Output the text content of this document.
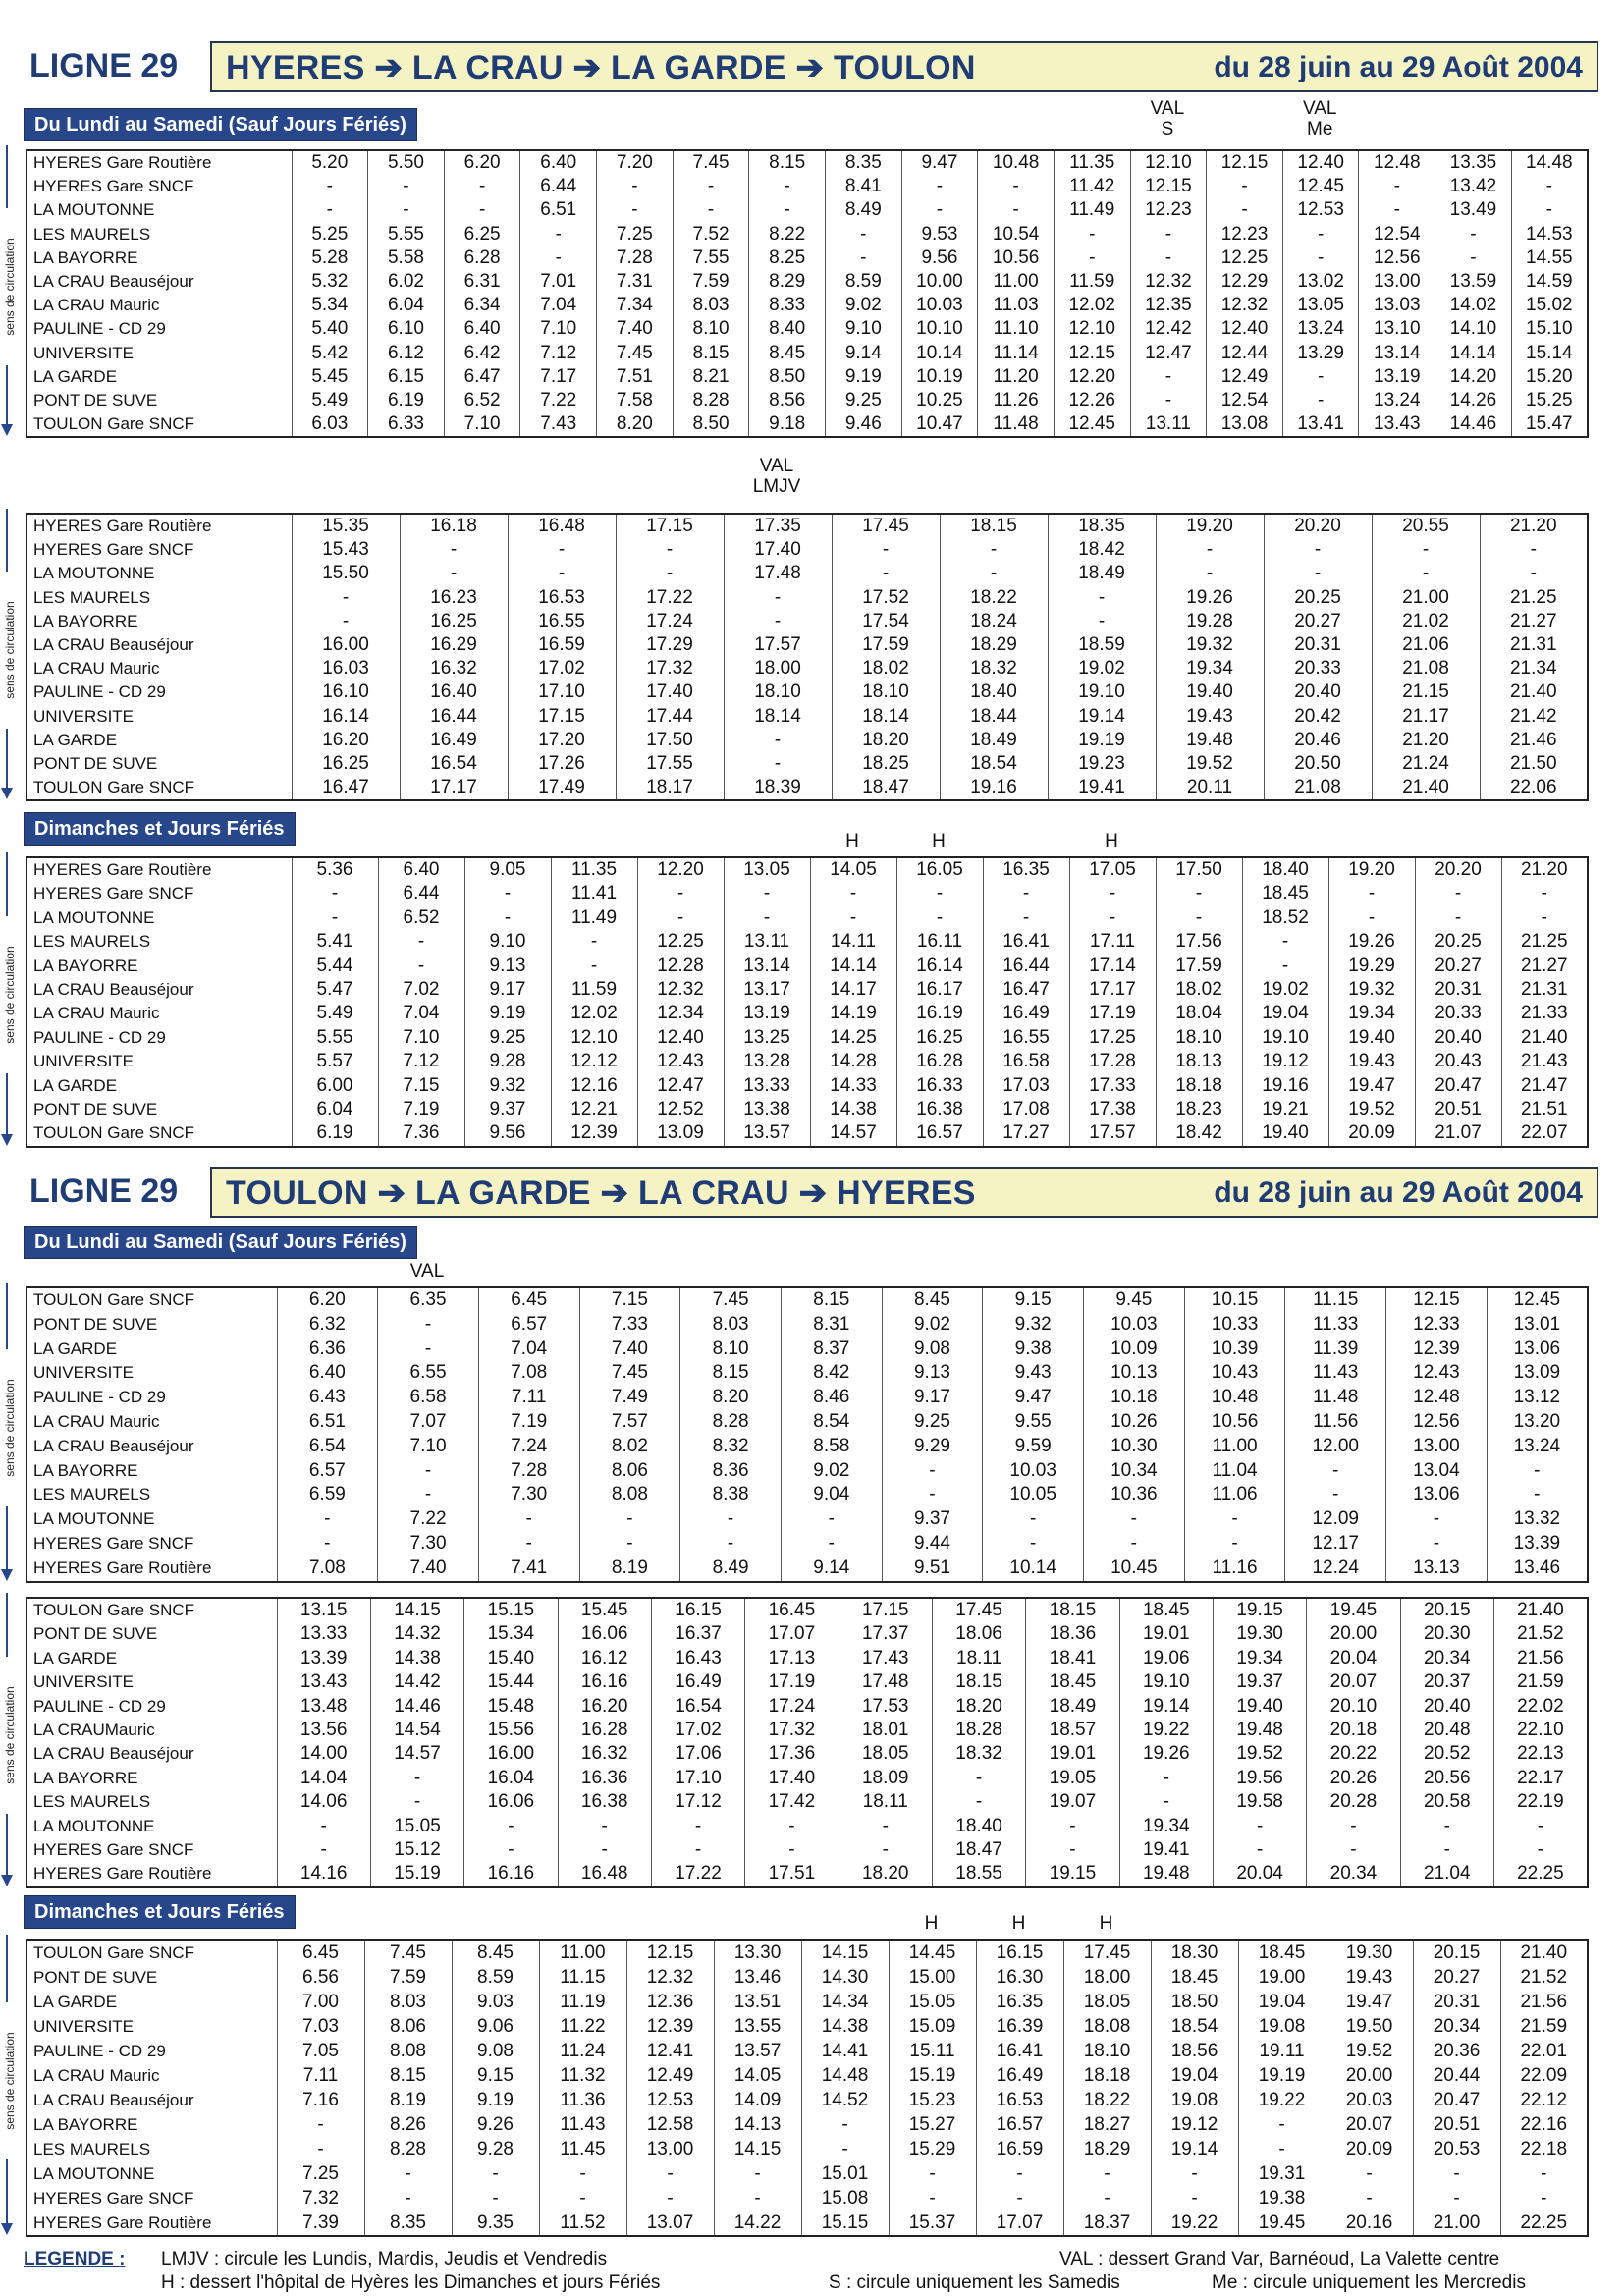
LIGNE 29 HYERES ➔ LA CRAU ➔ LA GARDE ➔ TOULON	du 28 juin au 29 Août 2004
Du Lundi au Samedi (Sauf Jours Fériés)
sens de circulation
VAL
S
VAL
Me
HYERES Gare Routière	5.20	5.50	6.20	6.40	7.20	7.45	8.15	8.35	9.47	10.48	11.35	12.10	12.15	12.40	12.48	13.35	14.48
HYERES Gare SNCF	-	-	-	6.44	-	-	-	8.41	-	-	11.42	12.15	-	12.45	-	13.42	-
LA MOUTONNE	-	-	-	6.51	-	-	-	8.49	-	-	11.49	12.23	-	12.53	-	13.49	-
LES MAURELS	5.25	5.55	6.25	-	7.25	7.52	8.22	-	9.53	10.54	-	-	12.23	-	12.54	-	14.53
LA BAYORRE	5.28	5.58	6.28	-	7.28	7.55	8.25	-	9.56	10.56	-	-	12.25	-	12.56	-	14.55
LA CRAU Beauséjour	5.32	6.02	6.31	7.01	7.31	7.59	8.29	8.59	10.00	11.00	11.59	12.32	12.29	13.02	13.00	13.59	14.59
LA CRAU Mauric	5.34	6.04	6.34	7.04	7.34	8.03	8.33	9.02	10.03	11.03	12.02	12.35	12.32	13.05	13.03	14.02	15.02
PAULINE - CD 29	5.40	6.10	6.40	7.10	7.40	8.10	8.40	9.10	10.10	11.10	12.10	12.42	12.40	13.24	13.10	14.10	15.10
UNIVERSITE	5.42	6.12	6.42	7.12	7.45	8.15	8.45	9.14	10.14	11.14	12.15	12.47	12.44	13.29	13.14	14.14	15.14
LA GARDE	5.45	6.15	6.47	7.17	7.51	8.21	8.50	9.19	10.19	11.20	12.20	-	12.49	-	13.19	14.20	15.20
PONT DE SUVE	5.49	6.19	6.52	7.22	7.58	8.28	8.56	9.25	10.25	11.26	12.26	-	12.54	-	13.24	14.26	15.25
TOULON Gare SNCF	6.03	6.33	7.10	7.43	8.20	8.50	9.18	9.46	10.47	11.48	12.45	13.11	13.08	13.41	13.43	14.46	15.47
sens de circulation
VAL
LMJV
HYERES Gare Routière	15.35	16.18	16.48	17.15	17.35	17.45	18.15	18.35	19.20	20.20	20.55	21.20
HYERES Gare SNCF	15.43	-	-	-	17.40	-	-	18.42	-	-	-	-
LA MOUTONNE	15.50	-	-	-	17.48	-	-	18.49	-	-	-	-
LES MAURELS	-	16.23	16.53	17.22	-	17.52	18.22	-	19.26	20.25	21.00	21.25
LA BAYORRE	-	16.25	16.55	17.24	-	17.54	18.24	-	19.28	20.27	21.02	21.27
LA CRAU Beauséjour	16.00	16.29	16.59	17.29	17.57	17.59	18.29	18.59	19.32	20.31	21.06	21.31
LA CRAU Mauric	16.03	16.32	17.02	17.32	18.00	18.02	18.32	19.02	19.34	20.33	21.08	21.34
PAULINE - CD 29	16.10	16.40	17.10	17.40	18.10	18.10	18.40	19.10	19.40	20.40	21.15	21.40
UNIVERSITE	16.14	16.44	17.15	17.44	18.14	18.14	18.44	19.14	19.43	20.42	21.17	21.42
LA GARDE	16.20	16.49	17.20	17.50	-	18.20	18.49	19.19	19.48	20.46	21.20	21.46
PONT DE SUVE	16.25	16.54	17.26	17.55	-	18.25	18.54	19.23	19.52	20.50	21.24	21.50
TOULON Gare SNCF	16.47	17.17	17.49	18.17	18.39	18.47	19.16	19.41	20.11	21.08	21.40	22.06
Dimanches et Jours Fériés
sens de circulation
H	H	H
HYERES Gare Routière	5.36	6.40	9.05	11.35	12.20	13.05	14.05	16.05	16.35	17.05	17.50	18.40	19.20	20.20	21.20
HYERES Gare SNCF	-	6.44	-	11.41	-	-	-	-	-	-	-	18.45	-	-	-
LA MOUTONNE	-	6.52	-	11.49	-	-	-	-	-	-	-	18.52	-	-	-
LES MAURELS	5.41	-	9.10	-	12.25	13.11	14.11	16.11	16.41	17.11	17.56	-	19.26	20.25	21.25
LA BAYORRE	5.44	-	9.13	-	12.28	13.14	14.14	16.14	16.44	17.14	17.59	-	19.29	20.27	21.27
LA CRAU Beauséjour	5.47	7.02	9.17	11.59	12.32	13.17	14.17	16.17	16.47	17.17	18.02	19.02	19.32	20.31	21.31
LA CRAU Mauric	5.49	7.04	9.19	12.02	12.34	13.19	14.19	16.19	16.49	17.19	18.04	19.04	19.34	20.33	21.33
PAULINE - CD 29	5.55	7.10	9.25	12.10	12.40	13.25	14.25	16.25	16.55	17.25	18.10	19.10	19.40	20.40	21.40
UNIVERSITE	5.57	7.12	9.28	12.12	12.43	13.28	14.28	16.28	16.58	17.28	18.13	19.12	19.43	20.43	21.43
LA GARDE	6.00	7.15	9.32	12.16	12.47	13.33	14.33	16.33	17.03	17.33	18.18	19.16	19.47	20.47	21.47
PONT DE SUVE	6.04	7.19	9.37	12.21	12.52	13.38	14.38	16.38	17.08	17.38	18.23	19.21	19.52	20.51	21.51
TOULON Gare SNCF	6.19	7.36	9.56	12.39	13.09	13.57	14.57	16.57	17.27	17.57	18.42	19.40	20.09	21.07	22.07
LIGNE 29 TOULON ➔ LA GARDE ➔ LA CRAU ➔ HYERES	du 28 juin au 29 Août 2004
Du Lundi au Samedi (Sauf Jours Fériés)
sens de circulation
VAL
TOULON Gare SNCF	6.20	6.35	6.45	7.15	7.45	8.15	8.45	9.15	9.45	10.15	11.15	12.15	12.45
PONT DE SUVE	6.32	-	6.57	7.33	8.03	8.31	9.02	9.32	10.03	10.33	11.33	12.33	13.01
LA GARDE	6.36	-	7.04	7.40	8.10	8.37	9.08	9.38	10.09	10.39	11.39	12.39	13.06
UNIVERSITE	6.40	6.55	7.08	7.45	8.15	8.42	9.13	9.43	10.13	10.43	11.43	12.43	13.09
PAULINE - CD 29	6.43	6.58	7.11	7.49	8.20	8.46	9.17	9.47	10.18	10.48	11.48	12.48	13.12
LA CRAU Mauric	6.51	7.07	7.19	7.57	8.28	8.54	9.25	9.55	10.26	10.56	11.56	12.56	13.20
LA CRAU Beauséjour	6.54	7.10	7.24	8.02	8.32	8.58	9.29	9.59	10.30	11.00	12.00	13.00	13.24
LA BAYORRE	6.57	-	7.28	8.06	8.36	9.02	-	10.03	10.34	11.04	-	13.04	-
LES MAURELS	6.59	-	7.30	8.08	8.38	9.04	-	10.05	10.36	11.06	-	13.06	-
LA MOUTONNE	-	7.22	-	-	-	-	9.37	-	-	-	12.09	-	13.32
HYERES Gare SNCF	-	7.30	-	-	-	-	9.44	-	-	-	12.17	-	13.39
HYERES Gare Routière	7.08	7.40	7.41	8.19	8.49	9.14	9.51	10.14	10.45	11.16	12.24	13.13	13.46
sens de circulation
TOULON Gare SNCF	13.15	14.15	15.15	15.45	16.15	16.45	17.15	17.45	18.15	18.45	19.15	19.45	20.15	21.40
PONT DE SUVE	13.33	14.32	15.34	16.06	16.37	17.07	17.37	18.06	18.36	19.01	19.30	20.00	20.30	21.52
LA GARDE	13.39	14.38	15.40	16.12	16.43	17.13	17.43	18.11	18.41	19.06	19.34	20.04	20.34	21.56
UNIVERSITE	13.43	14.42	15.44	16.16	16.49	17.19	17.48	18.15	18.45	19.10	19.37	20.07	20.37	21.59
PAULINE - CD 29	13.48	14.46	15.48	16.20	16.54	17.24	17.53	18.20	18.49	19.14	19.40	20.10	20.40	22.02
LA CRAUMauric	13.56	14.54	15.56	16.28	17.02	17.32	18.01	18.28	18.57	19.22	19.48	20.18	20.48	22.10
LA CRAU Beauséjour	14.00	14.57	16.00	16.32	17.06	17.36	18.05	18.32	19.01	19.26	19.52	20.22	20.52	22.13
LA BAYORRE	14.04	-	16.04	16.36	17.10	17.40	18.09	-	19.05	-	19.56	20.26	20.56	22.17
LES MAURELS	14.06	-	16.06	16.38	17.12	17.42	18.11	-	19.07	-	19.58	20.28	20.58	22.19
LA MOUTONNE	-	15.05	-	-	-	-	-	18.40	-	19.34	-	-	-	-
HYERES Gare SNCF	-	15.12	-	-	-	-	-	18.47	-	19.41	-	-	-	-
HYERES Gare Routière	14.16	15.19	16.16	16.48	17.22	17.51	18.20	18.55	19.15	19.48	20.04	20.34	21.04	22.25
Dimanches et Jours Fériés
sens de circulation
H	H	H
TOULON Gare SNCF	6.45	7.45	8.45	11.00	12.15	13.30	14.15	14.45	16.15	17.45	18.30	18.45	19.30	20.15	21.40
PONT DE SUVE	6.56	7.59	8.59	11.15	12.32	13.46	14.30	15.00	16.30	18.00	18.45	19.00	19.43	20.27	21.52
LA GARDE	7.00	8.03	9.03	11.19	12.36	13.51	14.34	15.05	16.35	18.05	18.50	19.04	19.47	20.31	21.56
UNIVERSITE	7.03	8.06	9.06	11.22	12.39	13.55	14.38	15.09	16.39	18.08	18.54	19.08	19.50	20.34	21.59
PAULINE - CD 29	7.05	8.08	9.08	11.24	12.41	13.57	14.41	15.11	16.41	18.10	18.56	19.11	19.52	20.36	22.01
LA CRAU Mauric	7.11	8.15	9.15	11.32	12.49	14.05	14.48	15.19	16.49	18.18	19.04	19.19	20.00	20.44	22.09
LA CRAU Beauséjour	7.16	8.19	9.19	11.36	12.53	14.09	14.52	15.23	16.53	18.22	19.08	19.22	20.03	20.47	22.12
LA BAYORRE	-	8.26	9.26	11.43	12.58	14.13	-	15.27	16.57	18.27	19.12	-	20.07	20.51	22.16
LES MAURELS	-	8.28	9.28	11.45	13.00	14.15	-	15.29	16.59	18.29	19.14	-	20.09	20.53	22.18
LA MOUTONNE	7.25	-	-	-	-	-	15.01	-	-	-	-	19.31	-	-	-
HYERES Gare SNCF	7.32	-	-	-	-	-	15.08	-	-	-	-	19.38	-	-	-
HYERES Gare Routière	7.39	8.35	9.35	11.52	13.07	14.22	15.15	15.37	17.07	18.37	19.22	19.45	20.16	21.00	22.25
LEGENDE : LMJV : circule les Lundis, Mardis, Jeudis et Vendredis	VAL : dessert Grand Var, Barnéoud, La Valette centre
H : dessert l'hôpital de Hyères les Dimanches et jours Fériés	S : circule uniquement les Samedis	Me : circule uniquement les Mercredis
